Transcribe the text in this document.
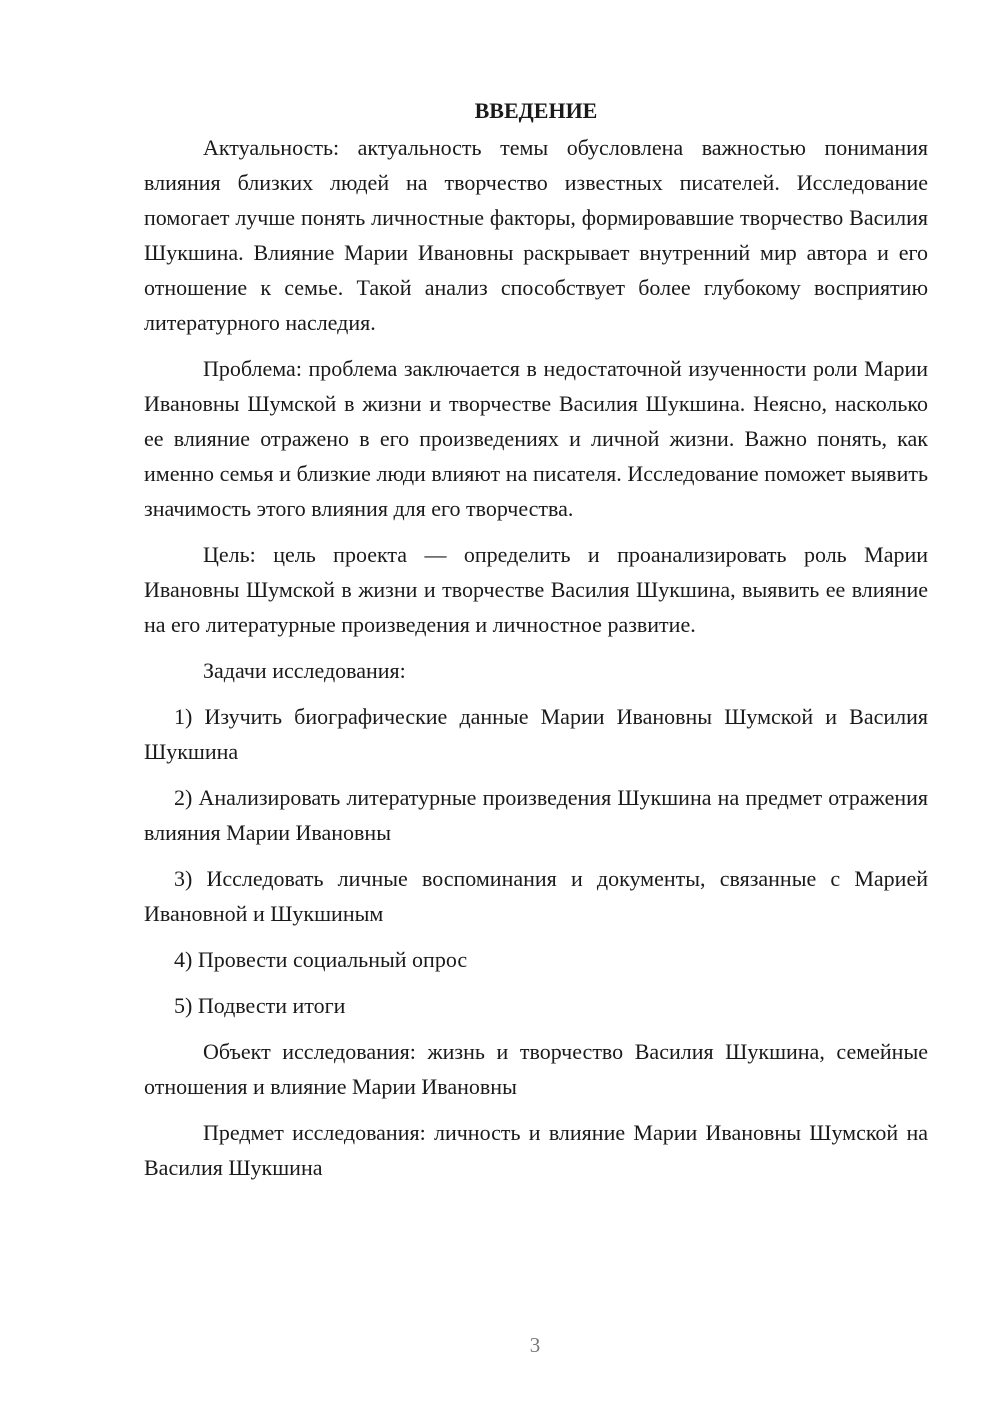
ВВЕДЕНИЕ

Актуальность: актуальность темы обусловлена важностью понимания влияния близких людей на творчество известных писателей. Исследование помогает лучше понять личностные факторы, формировавшие творчество Василия Шукшина. Влияние Марии Ивановны раскрывает внутренний мир автора и его отношение к семье. Такой анализ способствует более глубокому восприятию литературного наследия.

Проблема: проблема заключается в недостаточной изученности роли Марии Ивановны Шумской в жизни и творчестве Василия Шукшина. Неясно, насколько ее влияние отражено в его произведениях и личной жизни. Важно понять, как именно семья и близкие люди влияют на писателя. Исследование поможет выявить значимость этого влияния для его творчества.

Цель: цель проекта — определить и проанализировать роль Марии Ивановны Шумской в жизни и творчестве Василия Шукшина, выявить ее влияние на его литературные произведения и личностное развитие.

Задачи исследования:

1) Изучить биографические данные Марии Ивановны Шумской и Василия Шукшина

2) Анализировать литературные произведения Шукшина на предмет отражения влияния Марии Ивановны

3) Исследовать личные воспоминания и документы, связанные с Марией Ивановной и Шукшиным

4) Провести социальный опрос

5) Подвести итоги

Объект исследования: жизнь и творчество Василия Шукшина, семейные отношения и влияние Марии Ивановны

Предмет исследования: личность и влияние Марии Ивановны Шумской на Василия Шукшина

3
